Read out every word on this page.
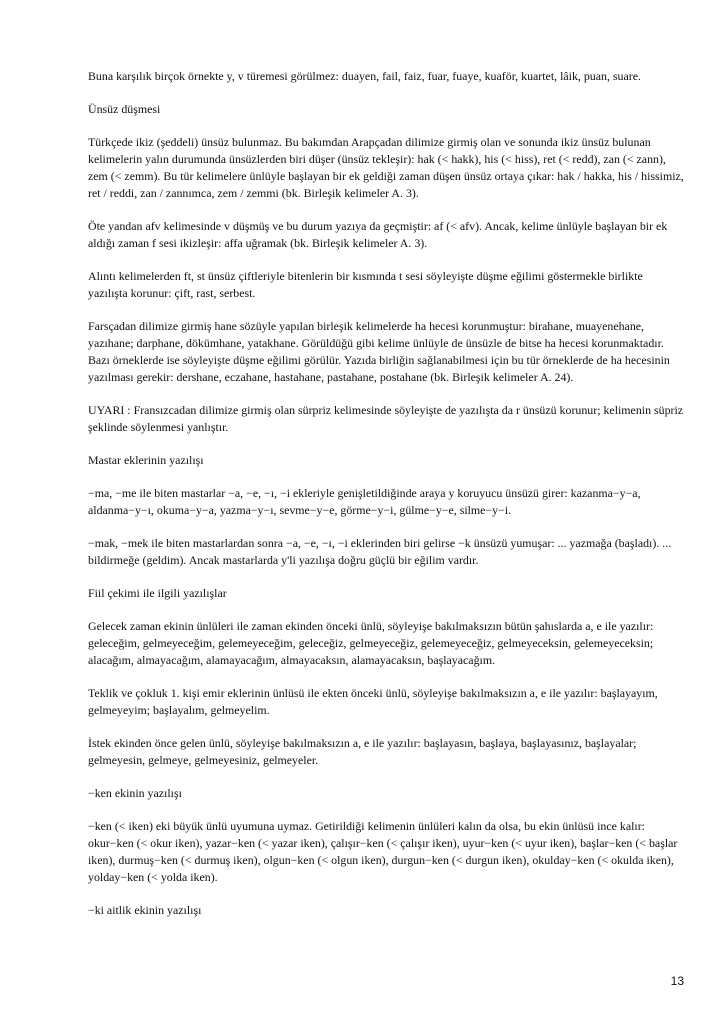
Buna karşılık birçok örnekte y, v türemesi görülmez: duayen, fail, faiz, fuar, fuaye, kuaför, kuartet, lâik, puan, suare.

Ünsüz düşmesi

Türkçede ikiz (şeddeli) ünsüz bulunmaz. Bu bakımdan Arapçadan dilimize girmiş olan ve sonunda ikiz ünsüz bulunan kelimelerin yalın durumunda ünsüzlerden biri düşer (ünsüz tekleşir): hak (< hakk), his (< hiss), ret (< redd), zan (< zann), zem (< zemm). Bu tür kelimelere ünlüyle başlayan bir ek geldiği zaman düşen ünsüz ortaya çıkar: hak / hakka, his / hissimiz, ret / reddi, zan / zannımca, zem / zemmi (bk. Birleşik kelimeler A. 3).

Öte yandan afv kelimesinde v düşmüş ve bu durum yazıya da geçmiştir: af (< afv). Ancak, kelime ünlüyle başlayan bir ek aldığı zaman f sesi ikizleşir: affa uğramak (bk. Birleşik kelimeler A. 3).

Alıntı kelimelerden ft, st ünsüz çiftleriyle bitenlerin bir kısmında t sesi söyleyişte düşme eğilimi göstermekle birlikte yazılışta korunur: çift, rast, serbest.

Farsçadan dilimize girmiş hane sözüyle yapılan birleşik kelimelerde ha hecesi korunmuştur: birahane, muayenehane, yazıhane; darphane, dökümhane, yatakhane. Görüldüğü gibi kelime ünlüyle de ünsüzle de bitse ha hecesi korunmaktadır. Bazı örneklerde ise söyleyişte düşme eğilimi görülür. Yazıda birliğin sağlanabilmesi için bu tür örneklerde de ha hecesinin yazılması gerekir: dershane, eczahane, hastahane, pastahane, postahane (bk. Birleşik kelimeler A. 24).

UYARI : Fransızcadan dilimize girmiş olan sürpriz kelimesinde söyleyişte de yazılışta da r ünsüzü korunur; kelimenin süpriz şeklinde söylenmesi yanlıştır.

Mastar eklerinin yazılışı

−ma, −me ile biten mastarlar −a, −e, −ı, −i ekleriyle genişletildiğinde araya y koruyucu ünsüzü girer: kazanma−y−a, aldanma−y−ı, okuma−y−a, yazma−y−ı, sevme−y−e, görme−y−i, gülme−y−e, silme−y−i.

−mak, −mek ile biten mastarlardan sonra −a, −e, −ı, −i eklerinden biri gelirse −k ünsüzü yumuşar: ... yazmağa (başladı). ... bildirmeğe (geldim). Ancak mastarlarda y'li yazılışa doğru güçlü bir eğilim vardır.

Fiil çekimi ile ilgili yazılışlar

Gelecek zaman ekinin ünlüleri ile zaman ekinden önceki ünlü, söyleyişe bakılmaksızın bütün şahıslarda a, e ile yazılır: geleceğim, gelmeyeceğim, gelemeyeceğim, geleceğiz, gelmeyeceğiz, gelemeyeceğiz, gelmeyeceksin, gelemeyeceksin; alacağım, almayacağım, alamayacağım, almayacaksın, alamayacaksın, başlayacağım.

Teklik ve çokluk 1. kişi emir eklerinin ünlüsü ile ekten önceki ünlü, söyleyişe bakılmaksızın a, e ile yazılır: başlayayım, gelmeyeyim; başlayalım, gelmeyelim.

İstek ekinden önce gelen ünlü, söyleyişe bakılmaksızın a, e ile yazılır: başlayasın, başlaya, başlayasınız, başlayalar; gelmeyesin, gelmeye, gelmeyesiniz, gelmeyeler.

−ken ekinin yazılışı

−ken (< iken) eki büyük ünlü uyumuna uymaz. Getirildiği kelimenin ünlüleri kalın da olsa, bu ekin ünlüsü ince kalır: okur−ken (< okur iken), yazar−ken (< yazar iken), çalışır−ken (< çalışır iken), uyur−ken (< uyur iken), başlar−ken (< başlar iken), durmuş−ken (< durmuş iken), olgun−ken (< olgun iken), durgun−ken (< durgun iken), okulday−ken (< okulda iken), yolday−ken (< yolda iken).

−ki aitlik ekinin yazılışı

13
